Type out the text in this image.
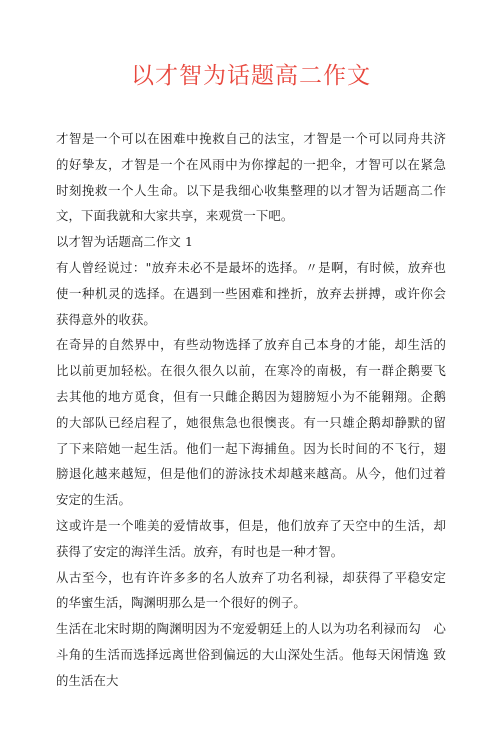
以才智为话题高二作文

才智是一个可以在困难中挽救自己的法宝，才智是一个可以同舟共济 的好挚友，才智是一个在风雨中为你撑起的一把伞，才智可以在紧急 时刻挽救一个人生命。以下是我细心收集整理的以才智为话题高二作 文，下面我就和大家共享，来观赏一下吧。

以才智为话题高二作文 1

有人曾经说过："放弃未必不是最坏的选择。〃是啊，有时候，放弃也 使一种机灵的选择。在遇到一些困难和挫折，放弃去拼搏，或许你会 获得意外的收获。

在奇异的自然界中，有些动物选择了放弃自己本身的才能，却生活的 比以前更加轻松。在很久很久以前，在寒冷的南极，有一群企鹅要飞 去其他的地方觅食，但有一只雌企鹅因为翅膀短小为不能翱翔。企鹅 的大部队已经启程了，她很焦急也很懊丧。有一只雄企鹅却静默的留 了下来陪她一起生活。他们一起下海捕鱼。因为长时间的不飞行，翅 膀退化越来越短，但是他们的游泳技术却越来越高。从今，他们过着 安定的生活。

这或许是一个唯美的爱情故事，但是，他们放弃了天空中的生活，却 获得了安定的海洋生活。放弃，有时也是一种才智。

从古至今，也有许许多多的名人放弃了功名利禄，却获得了平稳安定 的华蜜生活，陶渊明那么是一个很好的例子。

生活在北宋时期的陶渊明因为不宠爱朝廷上的人以为功名利禄而勾　心斗角的生活而选择远离世俗到偏远的大山深处生活。他每天闲情逸 致的生活在大
